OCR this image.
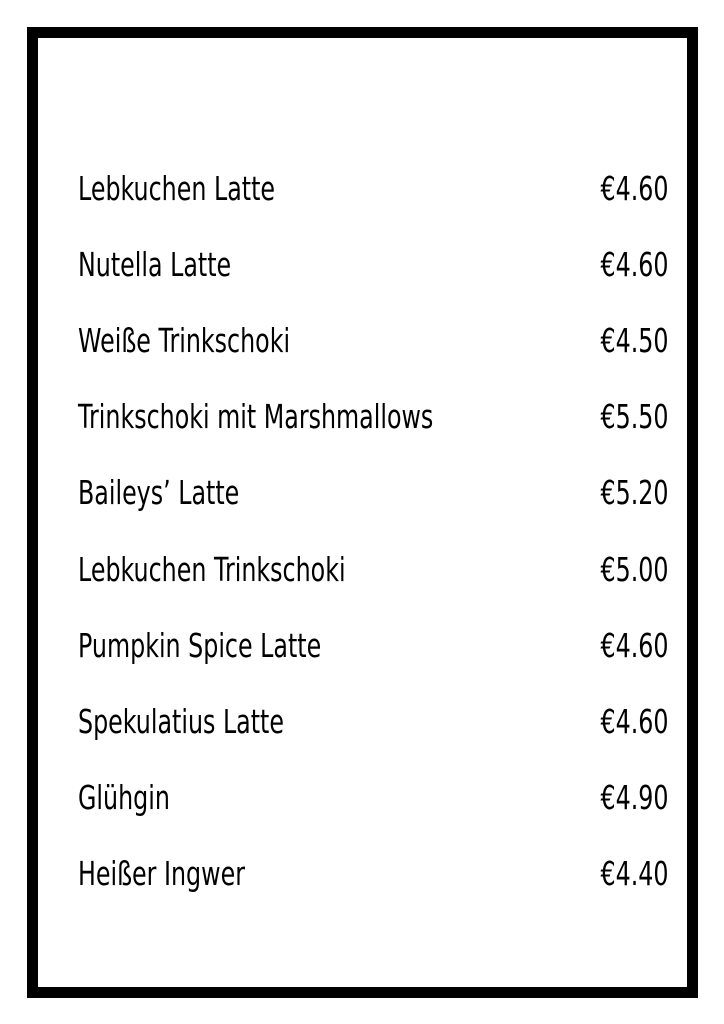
Lebkuchen Latte	€4.60
Nutella Latte	€4.60
Weiße Trinkschoki	€4.50
Trinkschoki mit Marshmallows	€5.50
Baileys’ Latte	€5.20
Lebkuchen Trinkschoki	€5.00
Pumpkin Spice Latte	€4.60
Spekulatius Latte	€4.60
Glühgin	€4.90
Heißer Ingwer	€4.40
